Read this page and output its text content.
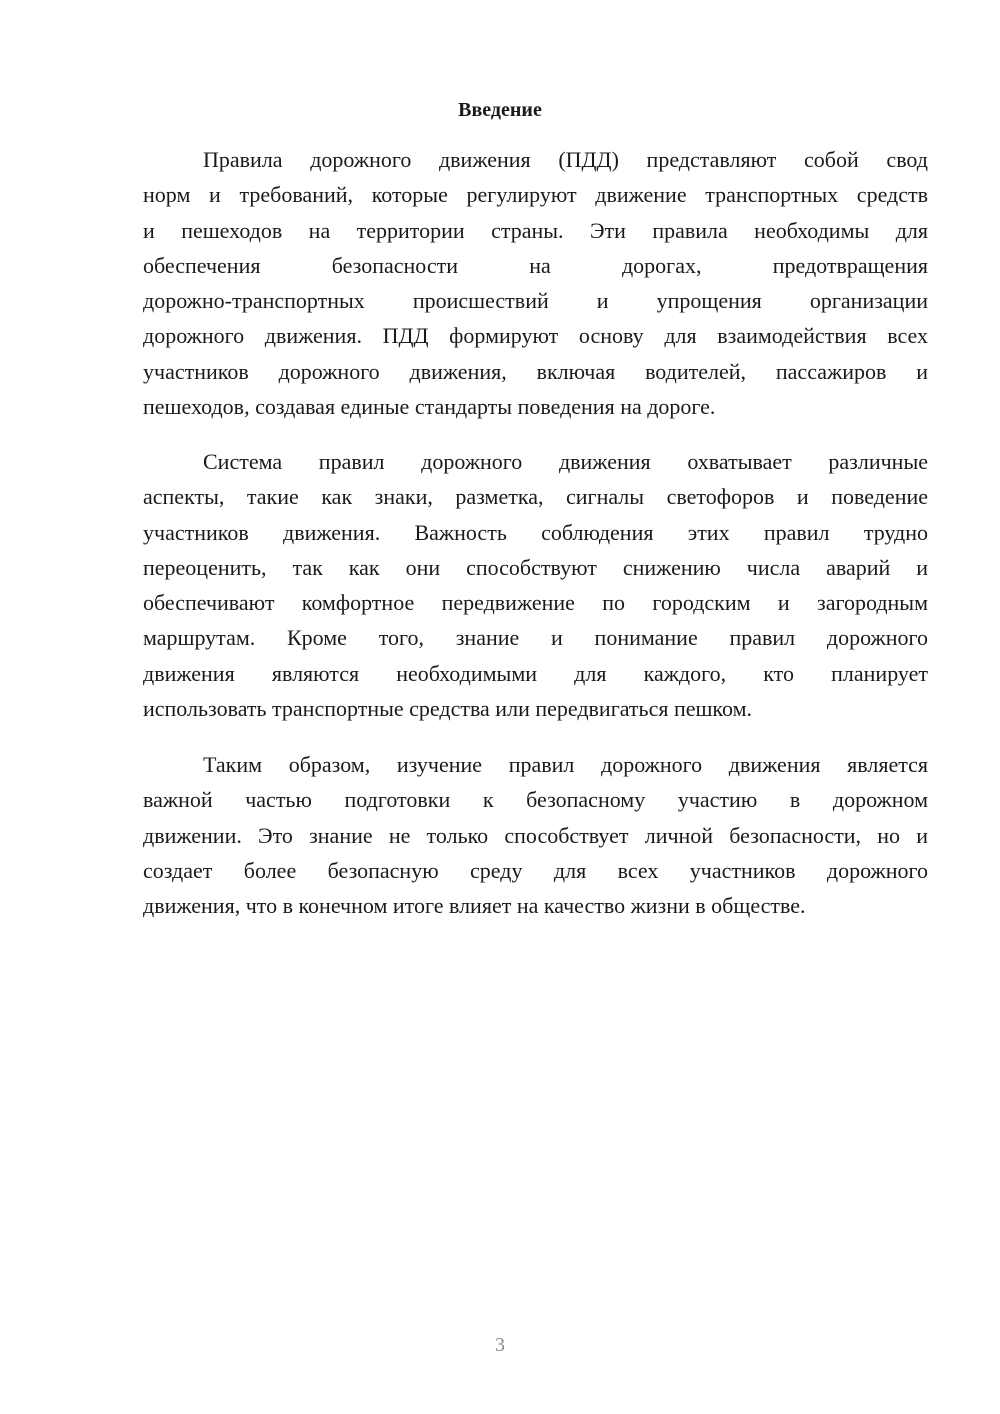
Введение
Правила дорожного движения (ПДД) представляют собой свод
норм и требований, которые регулируют движение транспортных средств
и пешеходов на территории страны. Эти правила необходимы для
обеспечения безопасности на дорогах, предотвращения
дорожно-транспортных происшествий и упрощения организации
дорожного движения. ПДД формируют основу для взаимодействия всех
участников дорожного движения, включая водителей, пассажиров и
пешеходов, создавая единые стандарты поведения на дороге.
Система правил дорожного движения охватывает различные
аспекты, такие как знаки, разметка, сигналы светофоров и поведение
участников движения. Важность соблюдения этих правил трудно
переоценить, так как они способствуют снижению числа аварий и
обеспечивают комфортное передвижение по городским и загородным
маршрутам. Кроме того, знание и понимание правил дорожного
движения являются необходимыми для каждого, кто планирует
использовать транспортные средства или передвигаться пешком.
Таким образом, изучение правил дорожного движения является
важной частью подготовки к безопасному участию в дорожном
движении. Это знание не только способствует личной безопасности, но и
создает более безопасную среду для всех участников дорожного
движения, что в конечном итоге влияет на качество жизни в обществе.
3
